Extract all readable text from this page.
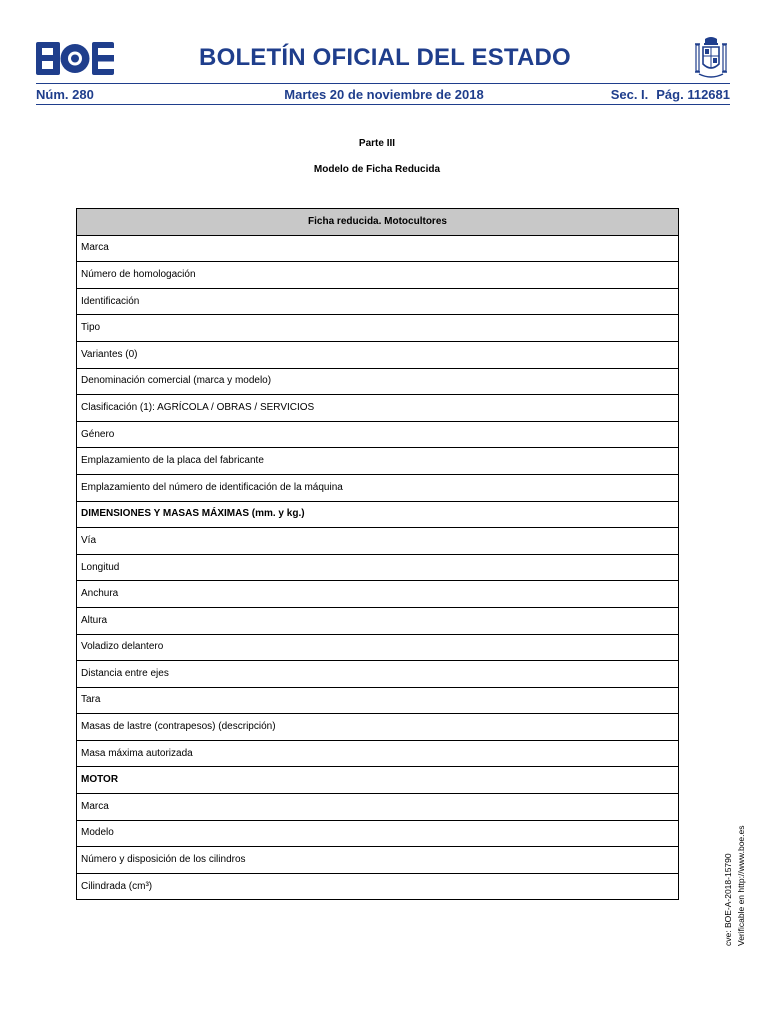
BOLETÍN OFICIAL DEL ESTADO
Núm. 280	Martes 20 de noviembre de 2018	Sec. I. Pág. 112681
Parte III
Modelo de Ficha Reducida
Ficha reducida. Motocultores
Marca
Número de homologación
Identificación
Tipo
Variantes (0)
Denominación comercial (marca y modelo)
Clasificación (1): AGRÍCOLA / OBRAS / SERVICIOS
Género
Emplazamiento de la placa del fabricante
Emplazamiento del número de identificación de la máquina
DIMENSIONES Y MASAS MÁXIMAS (mm. y kg.)
Vía
Longitud
Anchura
Altura
Voladizo delantero
Distancia entre ejes
Tara
Masas de lastre (contrapesos) (descripción)
Masa máxima autorizada
MOTOR
Marca
Modelo
Número y disposición de los cilindros
Cilindrada (cm³)	cve: BOE-A-2018-15790 Verificable en http://www.boe.es
